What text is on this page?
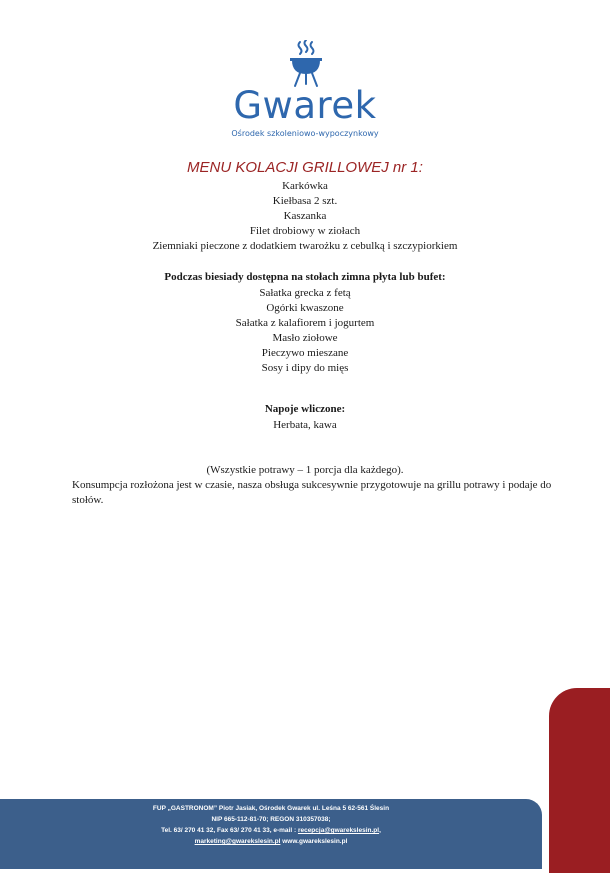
Gwarek
Ośrodek szkoleniowo-wypoczynkowy
MENU KOLACJI GRILLOWEJ nr 1:
Karkówka
Kiełbasa 2 szt.
Kaszanka
Filet drobiowy w ziołach
Ziemniaki pieczone z dodatkiem twarożku z cebulką i szczypiorkiem
Podczas biesiady dostępna na stołach zimna płyta lub bufet:
Sałatka grecka z fetą
Ogórki kwaszone
Sałatka z kalafiorem i jogurtem
Masło ziołowe
Pieczywo mieszane
Sosy i dipy do mięs
Napoje wliczone:
Herbata, kawa
(Wszystkie potrawy – 1 porcja dla każdego).
Konsumpcja rozłożona jest w czasie, nasza obsługa sukcesywnie przygotowuje na grillu potrawy i podaje do stołów.
FUP „GASTRONOM” Piotr Jasiak, Ośrodek Gwarek ul. Leśna 5 62-561 Ślesin
NIP 665-112-81-70; REGON 310357038;
Tel. 63/ 270 41 32, Fax 63/ 270 41 33, e-mail : recepcja@gwarekslesin.pl,
marketing@gwarekslesin.pl www.gwarekslesin.pl
